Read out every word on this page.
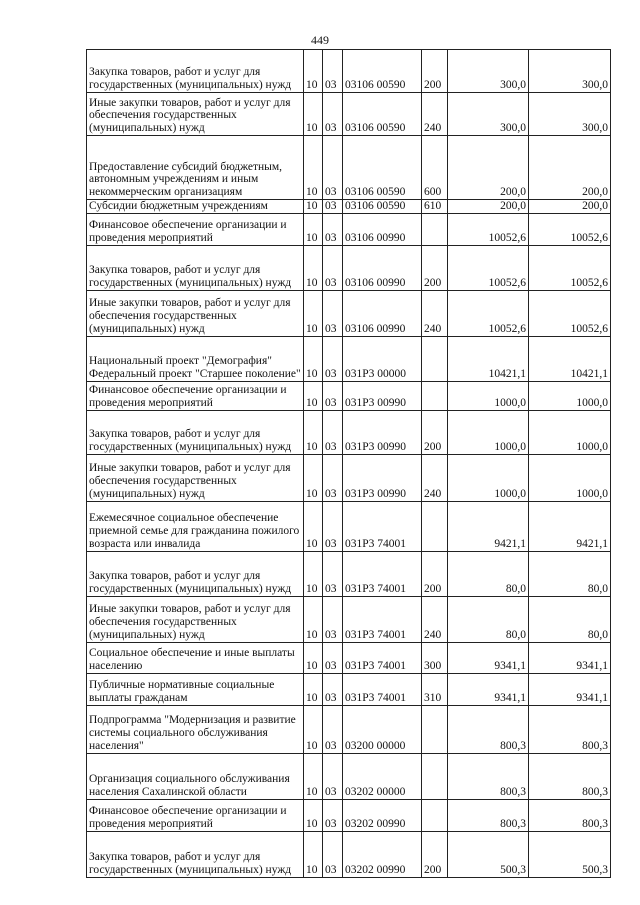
449
Закупка товаров, работ и услуг для государственных (муниципальных) нужд	10	03	03106 00590	200	300,0	300,0
Иные закупки товаров, работ и услуг для обеспечения государственных (муниципальных) нужд	10	03	03106 00590	240	300,0	300,0
Предоставление субсидий бюджетным, автономным учреждениям и иным некоммерческим организациям	10	03	03106 00590	600	200,0	200,0
Субсидии бюджетным учреждениям	10	03	03106 00590	610	200,0	200,0
Финансовое обеспечение организации и проведения мероприятий	10	03	03106 00990		10052,6	10052,6
Закупка товаров, работ и услуг для государственных (муниципальных) нужд	10	03	03106 00990	200	10052,6	10052,6
Иные закупки товаров, работ и услуг для обеспечения государственных (муниципальных) нужд	10	03	03106 00990	240	10052,6	10052,6
Национальный проект "Демография" Федеральный проект "Старшее поколение"	10	03	031P3 00000		10421,1	10421,1
Финансовое обеспечение организации и проведения мероприятий	10	03	031P3 00990		1000,0	1000,0
Закупка товаров, работ и услуг для государственных (муниципальных) нужд	10	03	031P3 00990	200	1000,0	1000,0
Иные закупки товаров, работ и услуг для обеспечения государственных (муниципальных) нужд	10	03	031P3 00990	240	1000,0	1000,0
Ежемесячное социальное обеспечение приемной семье для гражданина пожилого возраста или инвалида	10	03	031P3 74001		9421,1	9421,1
Закупка товаров, работ и услуг для государственных (муниципальных) нужд	10	03	031P3 74001	200	80,0	80,0
Иные закупки товаров, работ и услуг для обеспечения государственных (муниципальных) нужд	10	03	031P3 74001	240	80,0	80,0
Социальное обеспечение и иные выплаты населению	10	03	031P3 74001	300	9341,1	9341,1
Публичные нормативные социальные выплаты гражданам	10	03	031P3 74001	310	9341,1	9341,1
Подпрограмма "Модернизация и развитие системы социального обслуживания населения"	10	03	03200 00000		800,3	800,3
Организация социального обслуживания населения Сахалинской области	10	03	03202 00000		800,3	800,3
Финансовое обеспечение организации и проведения мероприятий	10	03	03202 00990		800,3	800,3
Закупка товаров, работ и услуг для государственных (муниципальных) нужд	10	03	03202 00990	200	500,3	500,3
